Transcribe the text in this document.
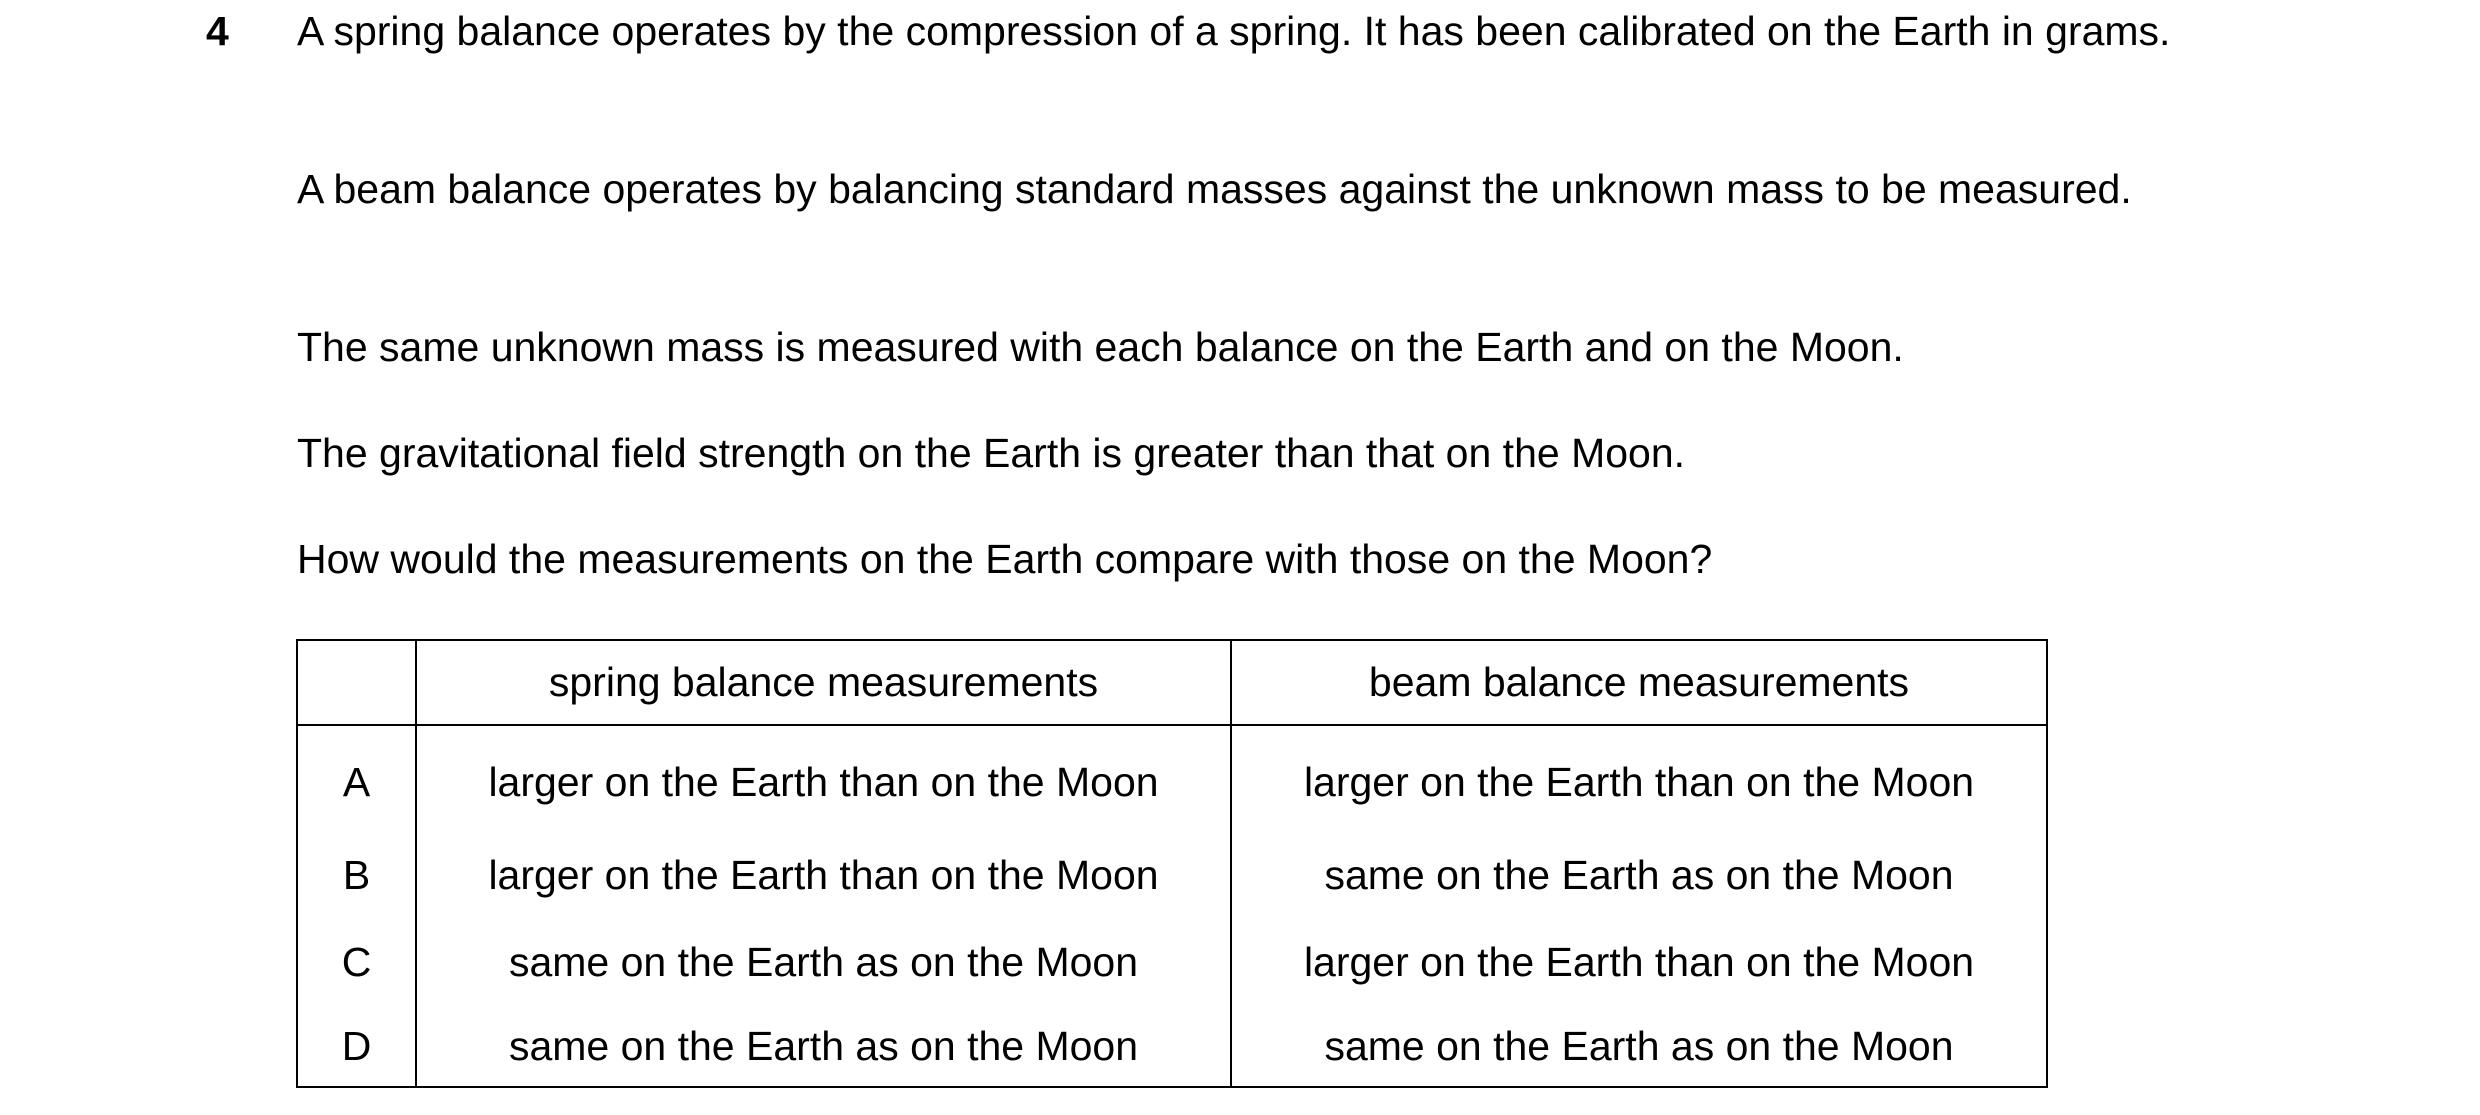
4 A spring balance operates by the compression of a spring. It has been calibrated on the Earth in grams.

A beam balance operates by balancing standard masses against the unknown mass to be measured.

The same unknown mass is measured with each balance on the Earth and on the Moon.

The gravitational field strength on the Earth is greater than that on the Moon.

How would the measurements on the Earth compare with those on the Moon?

	spring balance measurements	beam balance measurements
A	larger on the Earth than on the Moon	larger on the Earth than on the Moon
B	larger on the Earth than on the Moon	same on the Earth as on the Moon
C	same on the Earth as on the Moon	larger on the Earth than on the Moon
D	same on the Earth as on the Moon	same on the Earth as on the Moon
